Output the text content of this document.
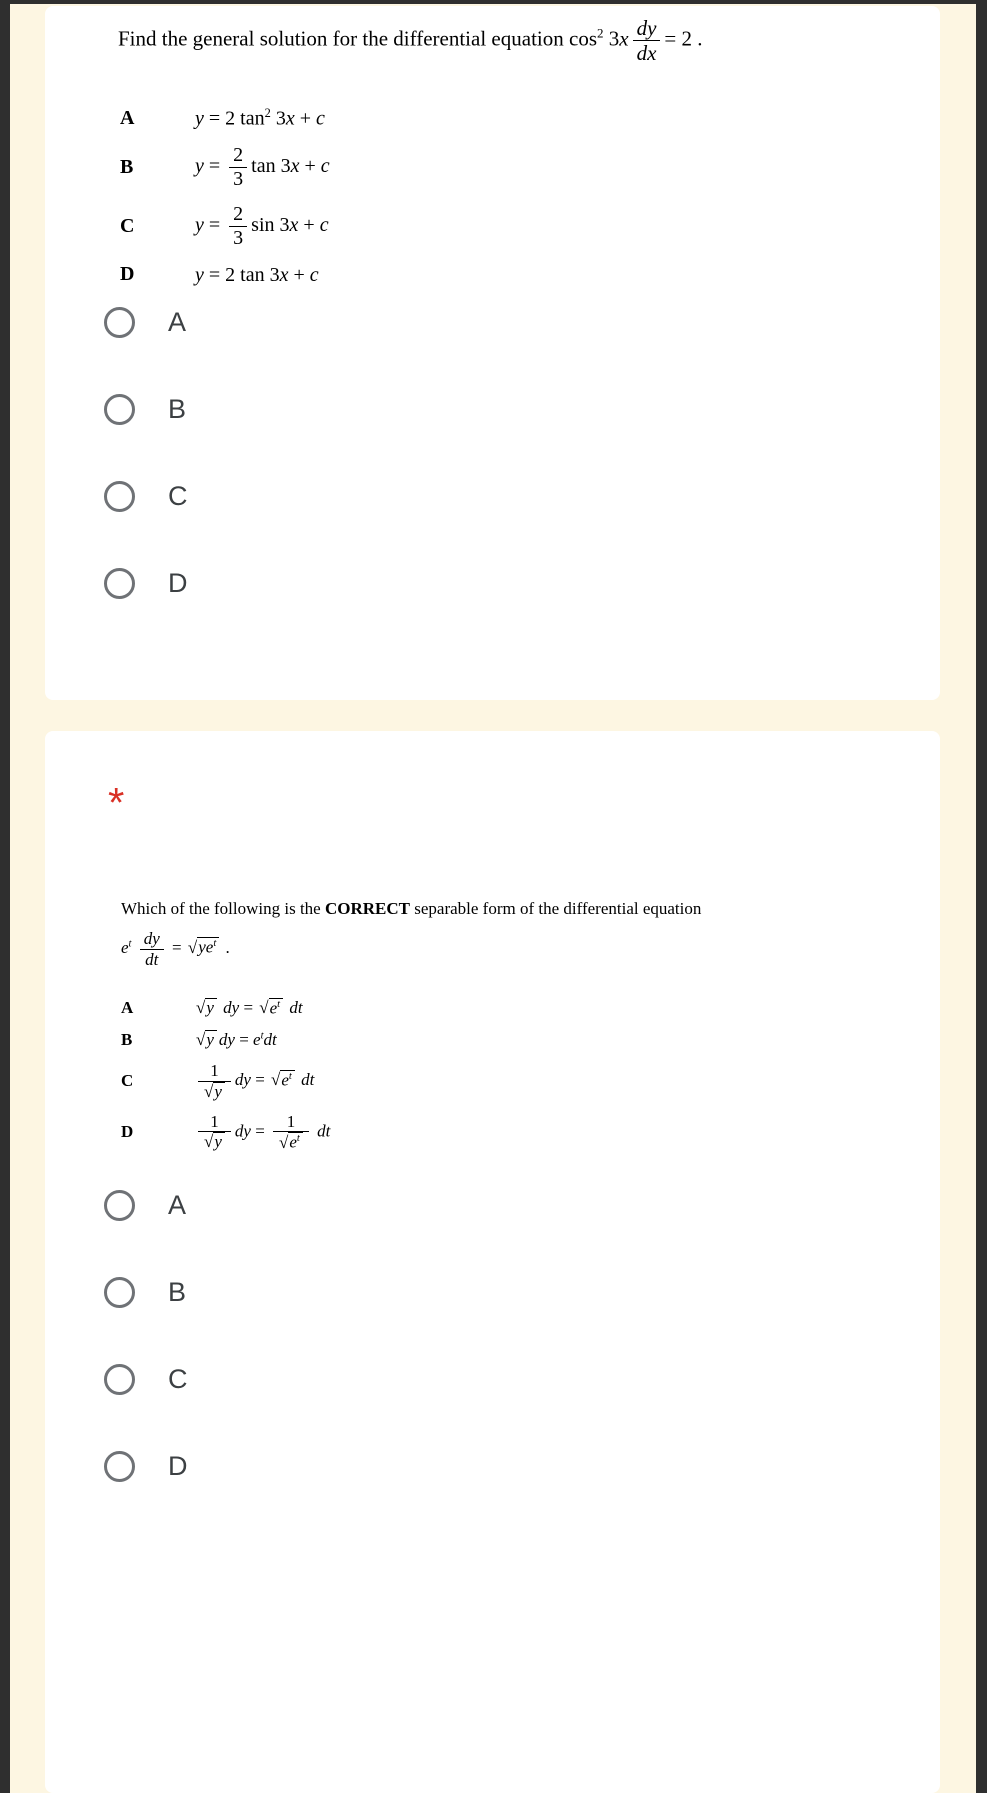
Find the general solution for the differential equation $\cos^2 3x \frac{dy}{dx} = 2$ .
A	y = 2 $\tan^2 3x + c$
B	$y = \frac{2}{3}$ tan 3x + c
C	$y = \frac{2}{3}$ sin 3x + c
D	y = 2 tan 3x + c
A
B
C
D
*
Which of the following is the CORRECT separable form of the differential equation
$e^t \frac{dy}{dt}$ = √ $ye^t$ .
A	√ y dy = √ $e^t$ dt
B	√ y dy = $e^tdt$
C	$\frac{1}{√ y}$ dy = √ $e^t$ dt
D	$\frac{1}{√ y}$ dy = $\frac{1}{√ e^t}$ dt
A
B
C
D
